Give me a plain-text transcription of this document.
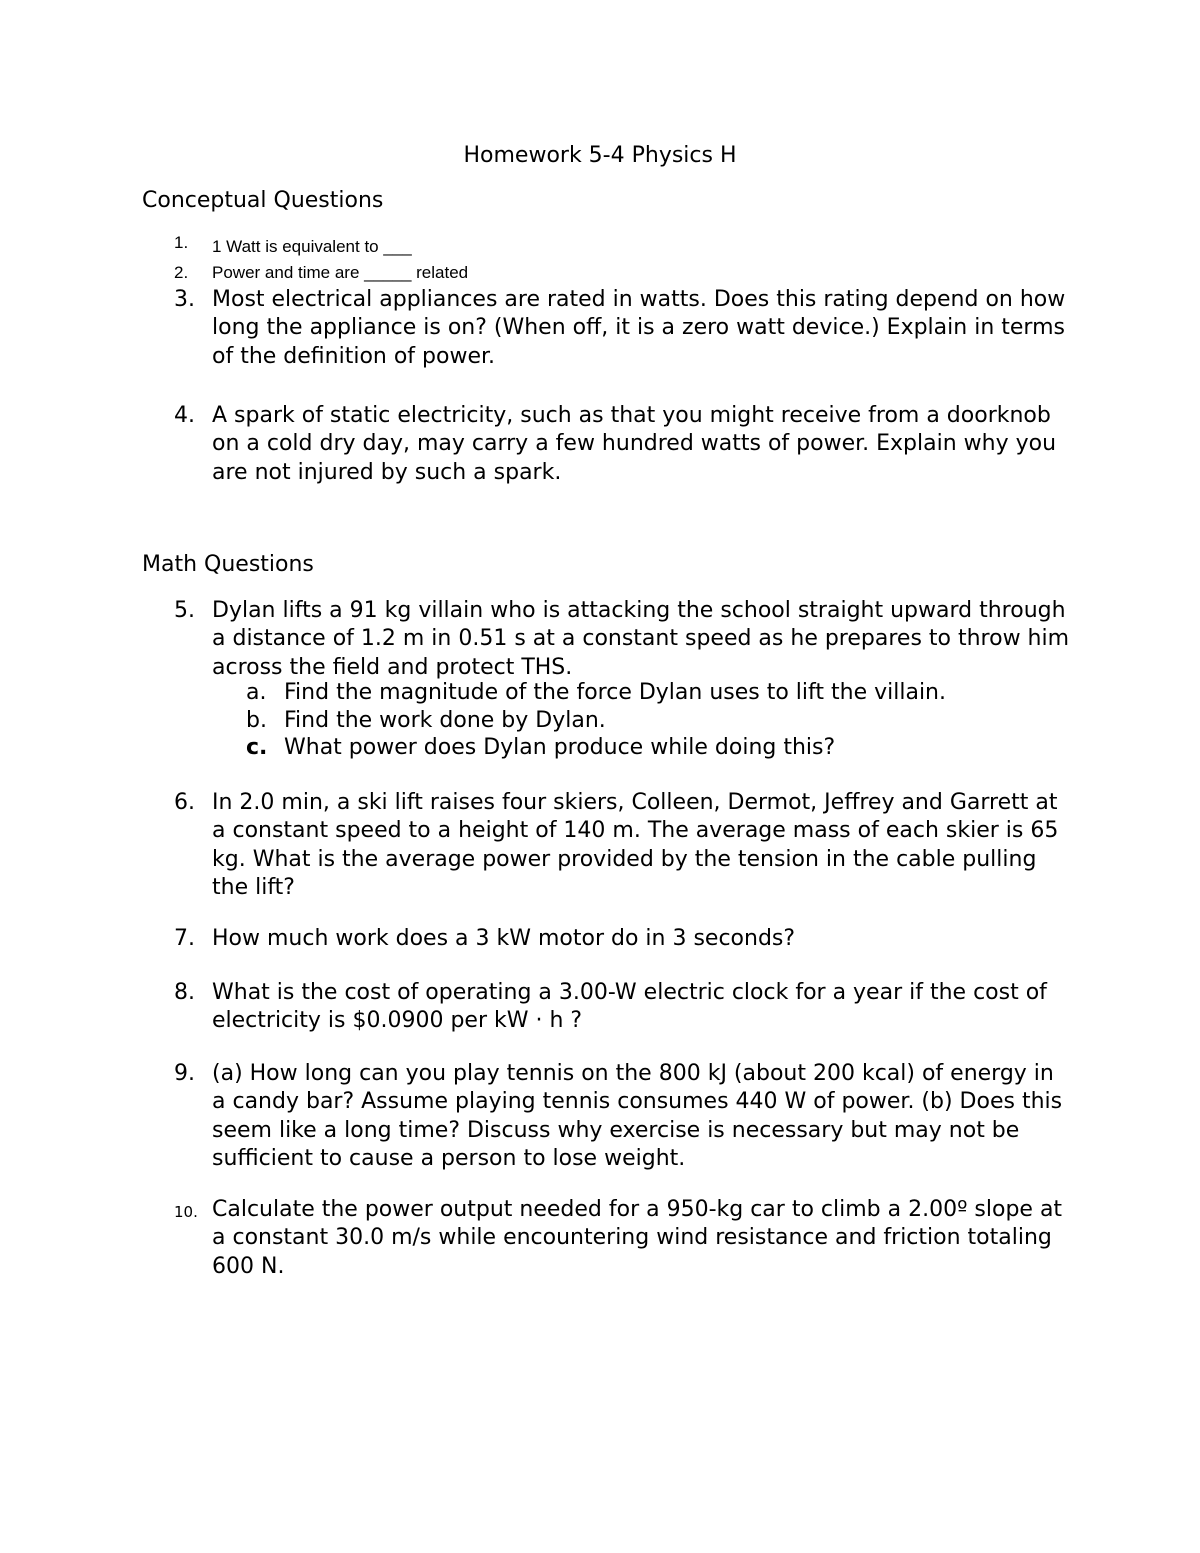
Homework 5-4 Physics H
Conceptual Questions
1.	1 Watt is equivalent to ___
2.	Power and time are _____ related
3. Most electrical appliances are rated in watts. Does this rating depend on how long the appliance is on? (When off, it is a zero watt device.) Explain in terms of the definition of power.
4. A spark of static electricity, such as that you might receive from a doorknob on a cold dry day, may carry a few hundred watts of power. Explain why you are not injured by such a spark.
Math Questions
5. Dylan lifts a 91 kg villain who is attacking the school straight upward through a distance of 1.2 m in 0.51 s at a constant speed as he prepares to throw him across the field and protect THS.
a. Find the magnitude of the force Dylan uses to lift the villain.
b. Find the work done by Dylan.
c. What power does Dylan produce while doing this?
6. In 2.0 min, a ski lift raises four skiers, Colleen, Dermot, Jeffrey and Garrett at a constant speed to a height of 140 m. The average mass of each skier is 65 kg. What is the average power provided by the tension in the cable pulling the lift?
7. How much work does a 3 kW motor do in 3 seconds?
8. What is the cost of operating a 3.00-W electric clock for a year if the cost of electricity is $0.0900 per kW · h ?
9. (a) How long can you play tennis on the 800 kJ (about 200 kcal) of energy in a candy bar? Assume playing tennis consumes 440 W of power. (b) Does this seem like a long time? Discuss why exercise is necessary but may not be sufficient to cause a person to lose weight.
10. Calculate the power output needed for a 950-kg car to climb a 2.00º slope at a constant 30.0 m/s while encountering wind resistance and friction totaling 600 N.
